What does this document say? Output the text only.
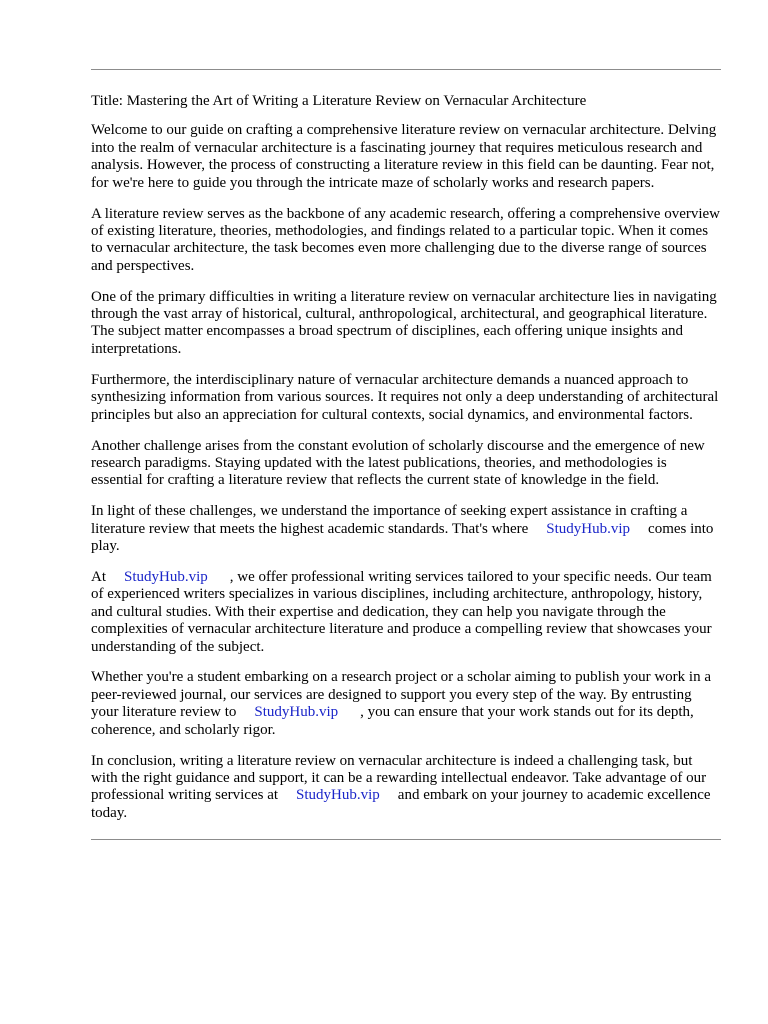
Title: Mastering the Art of Writing a Literature Review on Vernacular Architecture

Welcome to our guide on crafting a comprehensive literature review on vernacular architecture. Delving into the realm of vernacular architecture is a fascinating journey that requires meticulous research and analysis. However, the process of constructing a literature review in this field can be daunting. Fear not, for we're here to guide you through the intricate maze of scholarly works and research papers.

A literature review serves as the backbone of any academic research, offering a comprehensive overview of existing literature, theories, methodologies, and findings related to a particular topic. When it comes to vernacular architecture, the task becomes even more challenging due to the diverse range of sources and perspectives.

One of the primary difficulties in writing a literature review on vernacular architecture lies in navigating through the vast array of historical, cultural, anthropological, architectural, and geographical literature. The subject matter encompasses a broad spectrum of disciplines, each offering unique insights and interpretations.

Furthermore, the interdisciplinary nature of vernacular architecture demands a nuanced approach to synthesizing information from various sources. It requires not only a deep understanding of architectural principles but also an appreciation for cultural contexts, social dynamics, and environmental factors.

Another challenge arises from the constant evolution of scholarly discourse and the emergence of new research paradigms. Staying updated with the latest publications, theories, and methodologies is essential for crafting a literature review that reflects the current state of knowledge in the field.

In light of these challenges, we understand the importance of seeking expert assistance in crafting a literature review that meets the highest academic standards. That's where StudyHub.vip comes into play.

At StudyHub.vip , we offer professional writing services tailored to your specific needs. Our team of experienced writers specializes in various disciplines, including architecture, anthropology, history, and cultural studies. With their expertise and dedication, they can help you navigate through the complexities of vernacular architecture literature and produce a compelling review that showcases your understanding of the subject.

Whether you're a student embarking on a research project or a scholar aiming to publish your work in a peer-reviewed journal, our services are designed to support you every step of the way. By entrusting your literature review to StudyHub.vip , you can ensure that your work stands out for its depth, coherence, and scholarly rigor.

In conclusion, writing a literature review on vernacular architecture is indeed a challenging task, but with the right guidance and support, it can be a rewarding intellectual endeavor. Take advantage of our professional writing services at StudyHub.vip and embark on your journey to academic excellence today.
